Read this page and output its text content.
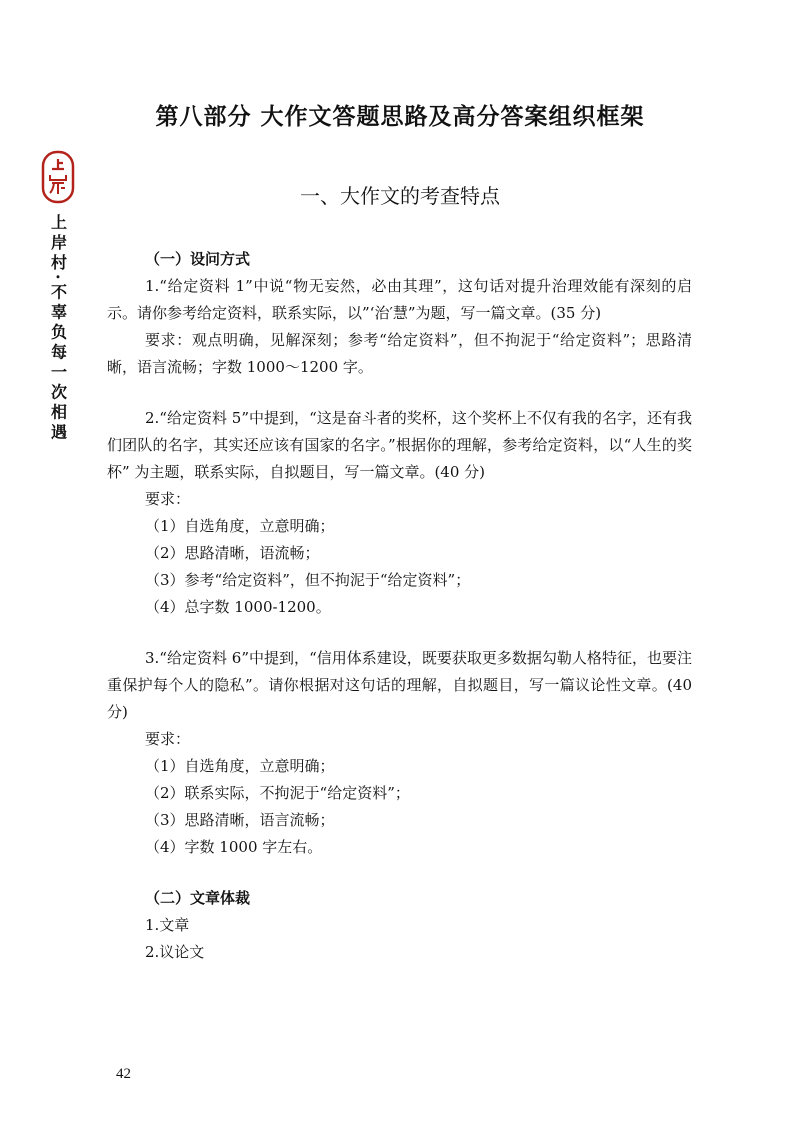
上岸村·不辜负每一次相遇
第八部分 大作文答题思路及高分答案组织框架
一、大作文的考查特点
（一）设问方式
1.“给定资料 1”中说“物无妄然，必由其理”，这句话对提升治理效能有深刻的启示。请你参考给定资料，联系实际，以”‘治′慧”为题，写一篇文章。(35 分)
要求：观点明确，见解深刻；参考“给定资料”，但不拘泥于“给定资料”；思路清晰，语言流畅；字数 1000～1200 字。
2.“给定资料 5”中提到，“这是奋斗者的奖杯，这个奖杯上不仅有我的名字，还有我们团队的名字，其实还应该有国家的名字。”根据你的理解，参考给定资料，以“人生的奖杯” 为主题，联系实际，自拟题目，写一篇文章。(40 分)
要求：
（1）自选角度，立意明确；
（2）思路清晰，语流畅；
（3）参考“给定资料”，但不拘泥于“给定资料”；
（4）总字数 1000-1200。
3.“给定资料 6”中提到，“信用体系建设，既要获取更多数据勾勒人格特征，也要注重保护每个人的隐私”。请你根据对这句话的理解，自拟题目，写一篇议论性文章。(40 分)
要求：
（1）自选角度，立意明确；
（2）联系实际，不拘泥于“给定资料”；
（3）思路清晰，语言流畅；
（4）字数 1000 字左右。
（二）文章体裁
1.文章
2.议论文
42
